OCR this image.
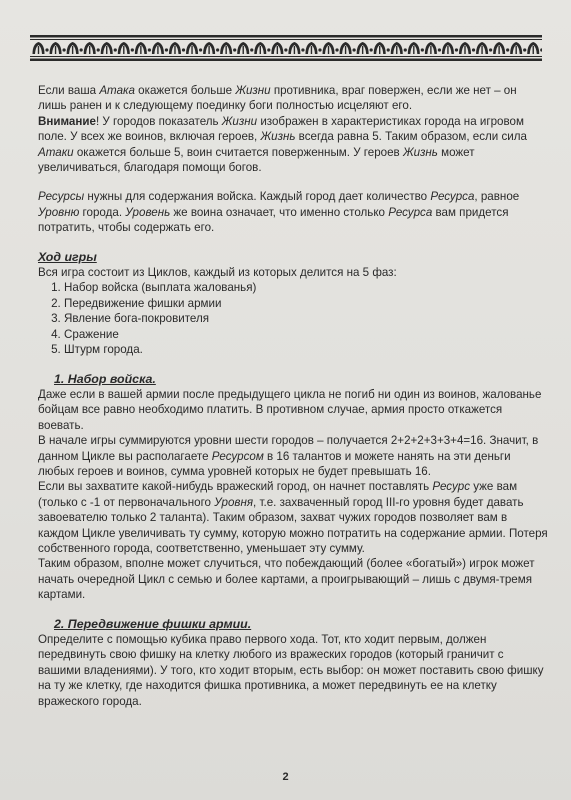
Если ваша Атака окажется больше Жизни противника, враг повержен, если же нет – он лишь ранен и к следующему поединку боги полностью исцеляют его.

Внимание! У городов показатель Жизни изображен в характеристиках города на игровом поле. У всех же воинов, включая героев, Жизнь всегда равна 5. Таким образом, если сила Атаки окажется больше 5, воин считается поверженным. У героев Жизнь может увеличиваться, благодаря помощи богов.

Ресурсы нужны для содержания войска. Каждый город дает количество Ресурса, равное Уровню города. Уровень же воина означает, что именно столько Ресурса вам придется потратить, чтобы содержать его.

Ход игры

Вся игра состоит из Циклов, каждый из которых делится на 5 фаз:

1. Набор войска (выплата жалованья)
2. Передвижение фишки армии
3. Явление бога-покровителя
4. Сражение
5. Штурм города.

1. Набор войска.

Даже если в вашей армии после предыдущего цикла не погиб ни один из воинов, жалованье бойцам все равно необходимо платить. В противном случае, армия просто откажется воевать.

В начале игры суммируются уровни шести городов – получается 2+2+2+3+3+4=16. Значит, в данном Цикле вы располагаете Ресурсом в 16 талантов и можете нанять на эти деньги любых героев и воинов, сумма уровней которых не будет превышать 16.

Если вы захватите какой-нибудь вражеский город, он начнет поставлять Ресурс уже вам (только с -1 от первоначального Уровня, т.е. захваченный город III-го уровня будет давать завоевателю только 2 таланта). Таким образом, захват чужих городов позволяет вам в каждом Цикле увеличивать ту сумму, которую можно потратить на содержание армии. Потеря собственного города, соответственно, уменьшает эту сумму.

Таким образом, вполне может случиться, что побеждающий (более «богатый») игрок может начать очередной Цикл с семью и более картами, а проигрывающий – лишь с двумя-тремя картами.

2. Передвижение фишки армии.

Определите с помощью кубика право первого хода. Тот, кто ходит первым, должен передвинуть свою фишку на клетку любого из вражеских городов (который граничит с вашими владениями). У того, кто ходит вторым, есть выбор: он может поставить свою фишку на ту же клетку, где находится фишка противника, а может передвинуть ее на клетку вражеского города.

2
